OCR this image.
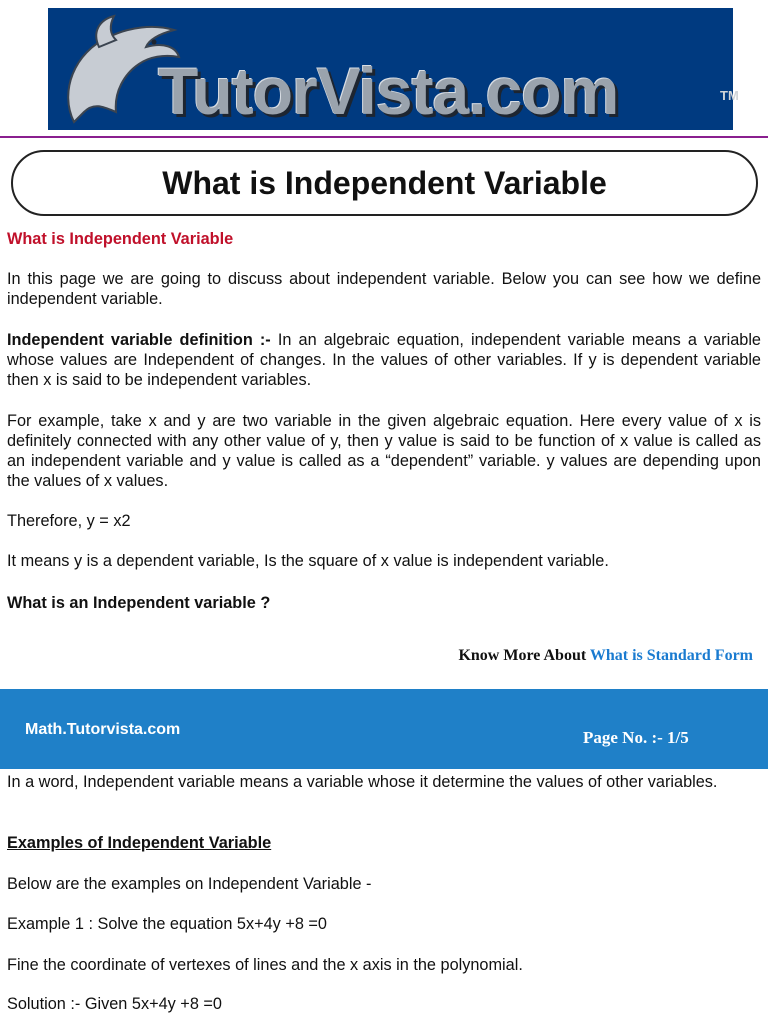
TutorVista.com	TM
What is Independent Variable

What is Independent Variable

In this page we are going to discuss about independent variable. Below you can see how we define independent variable.

Independent variable definition :- In an algebraic equation, independent variable means a variable whose values are Independent of changes. In the values of other variables. If y is dependent variable then x is said to be independent variables.

For example, take x and y are two variable in the given algebraic equation. Here every value of x is definitely connected with any other value of y, then y value is said to be function of x value is called as an independent variable and y value is called as a “dependent” variable. y values are depending upon the values of x values.

Therefore, y = x2

It means y is a dependent variable, Is the square of x value is independent variable.

What is an Independent variable ?

Know More About What is Standard Form
Math.Tutorvista.com	Page No. :- 1/5

In a word, Independent variable means a variable whose it determine the values of other variables.

Examples of Independent Variable

Below are the examples on Independent Variable -

Example 1 : Solve the equation 5x+4y +8 =0

Fine the coordinate of vertexes of lines and the x axis in the polynomial.

Solution :- Given 5x+4y +8 =0
